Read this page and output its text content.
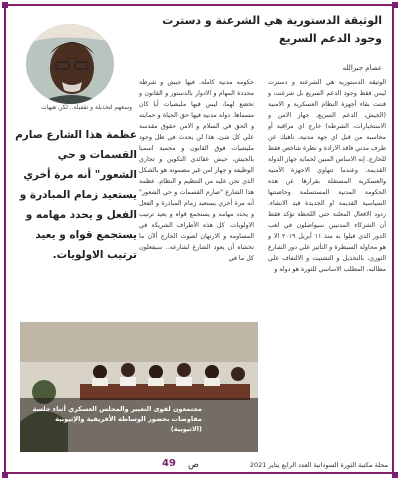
الوثيقة الدستورية هي الشرعنة و دسترت وجود الدعم السريع
عصام جبرالله
وسعهم لتخذيلة و تقفيلة.. لكن هيهات
عظمة هذا الشارع صارم القسمات و حي الشعور" أنه مرة أخري يستعيد زمام المبادرة و الفعل و يحدد مهامه و يستجمع قواه و يعيد ترتيب الاولويات.
الوثيقة الدستورية هي الشرعنة و دسترت ليس فقط وجود الدعم السريع بل شرعنت و قننت بقاء أجهزة النظام العسكرية و الامنية (الجيش، الدعم السريع، جهاز الامن و الاستخبارات، الشرطة) خارج اي مراقبة أو محاسبة من قبل اي جهة مدنية، ناهيك عن طرف مدني فاقد الارادة و نظرة شاخص فقط للخارج. إنه الاساس المتين لحماية جهاز الدولة القديمة. وعندما تتهاوي الاجهزة الأمنية والعسكرية المستقلة بقرارها عن هذه الحكومة المدنية المستسلمة وحاضنتها السياسية القديمة او الجديدة قيد الانشاء. ردود الافعال المعلنة حتي اللحظة تؤكد فقط أن الشركاء المدنيين سيواصلون في لعب الدور الذي قبلوا به منذ ١١ أبريل ٢٠١٩ الا و هو محاولة السيطرة و التأثير علي دور الشارع الثوري، بالتخذيل و التشتيت و الالتفاف علي مطالبه، المطلب الاساسي للثورة هو دولة و
حكومه مدنية كاملة. فيها جيش و شرطة محددة المهام و الادوار بالدستور و القانون و تخضع لهما، ليس فيها مليشيات أيا كان مسماها. دولة مدنية فيها حق الحياة و حمايته و الحق في السلام و الامن حقوق مقدسة علي كل شئ. هذا لن يحدث في ظل وجود مليشيات فوق القانون و محمية اسميا بالجيش، حيش عقائدي التكوين و تجاري الوظيفة و جهاز امن غير مضمونة هو بالشكل الذي نحن عليه من التنظيم و النظام. عظمة هذا الشارع "صارم القسمات و حي الشعور" أنه مرة أخري يستعيد زمام المبادرة و الفعل و يحدد مهامه و يستجمع قواه و يعيد ترتيب الاولويات. كل هذه الأطراف الشريكة في المساومة و الارتهان لصوت الخارج ألآن ما تخشاه أن يعود الشارع لشارعه.. سيفعلون كل ما في
مجتمعون لقوى التغيير والمجلس العسكري أثناء جلسة مفاوضات بحضور الوساطة الأفريقية والإثيوبية (الاثيوبية)
مجلة مكتبة الثورة السودانية العدد الرابع يناير 2021
49 ص
